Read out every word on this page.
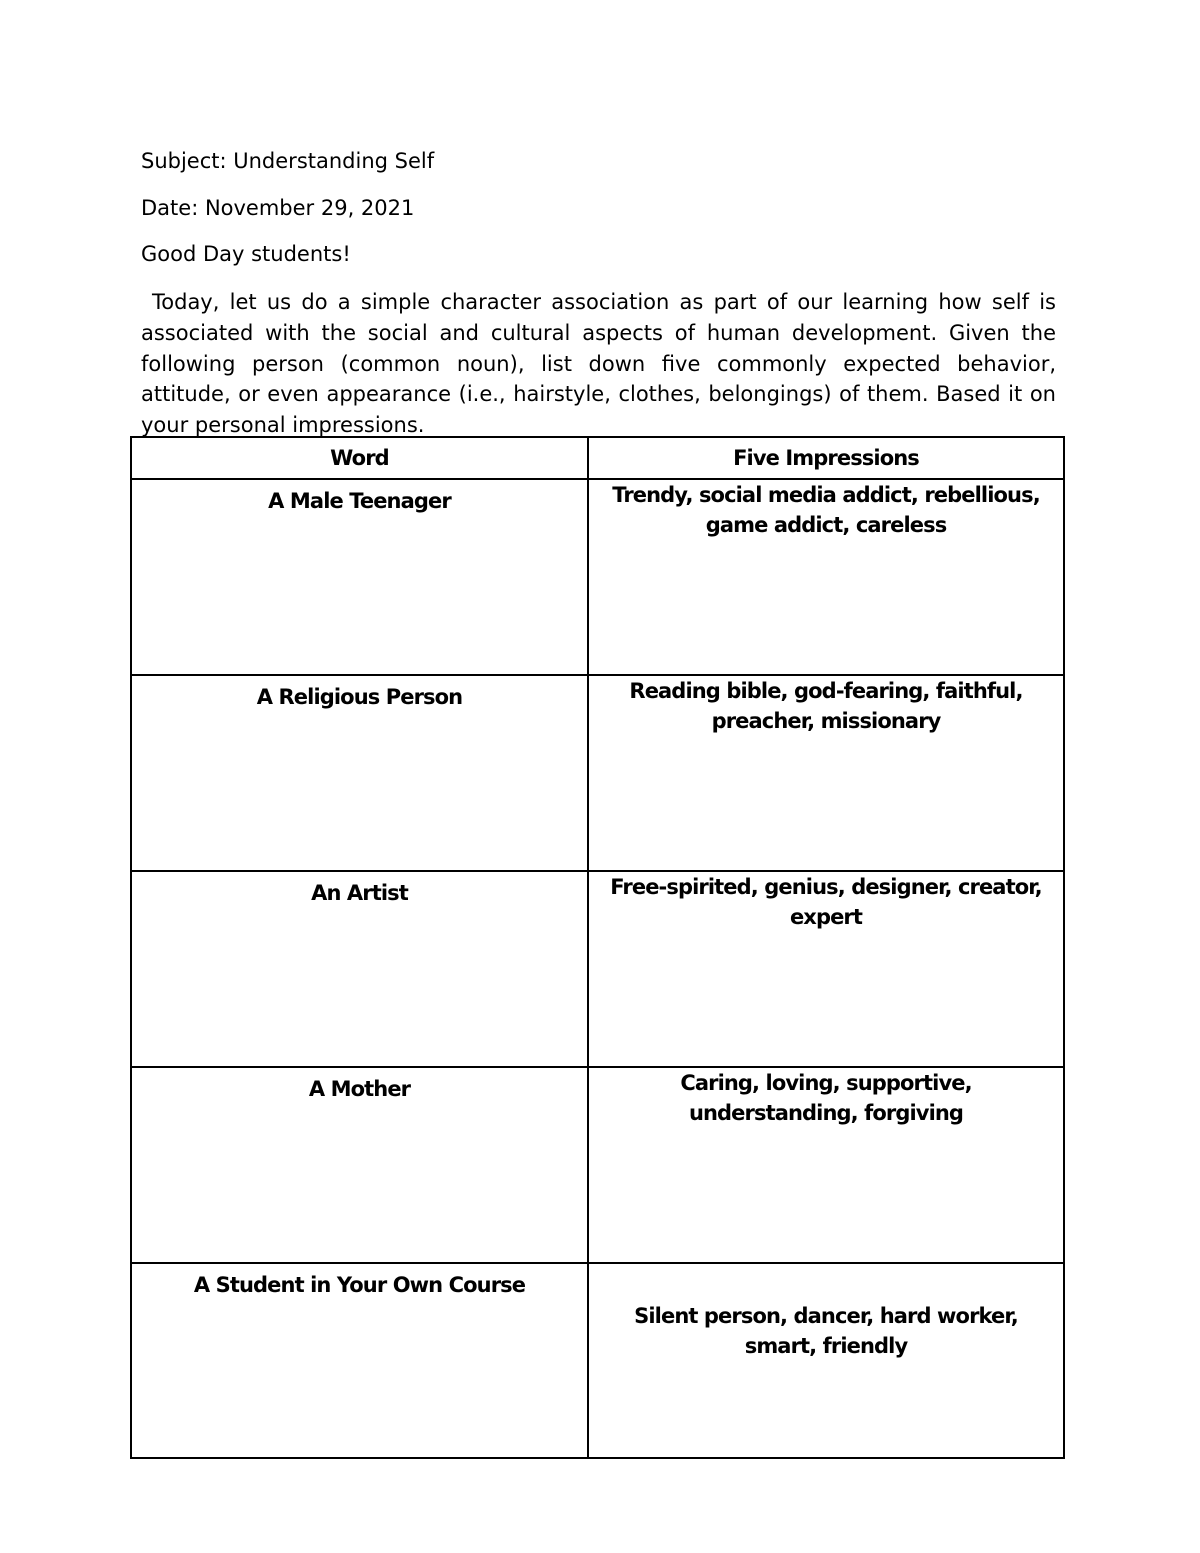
Subject: Understanding Self
Date: November 29, 2021
Good Day students!

Today, let us do a simple character association as part of our learning how self is associated with the social and cultural aspects of human development. Given the following person (common noun), list down five commonly expected behavior, attitude, or even appearance (i.e., hairstyle, clothes, belongings) of them. Based it on your personal impressions.

Word	Five Impressions
A Male Teenager	Trendy, social media addict, rebellious, game addict, careless
A Religious Person	Reading bible, god-fearing, faithful, preacher, missionary
An Artist	Free-spirited, genius, designer, creator, expert
A Mother	Caring, loving, supportive, understanding, forgiving
A Student in Your Own Course	Silent person, dancer, hard worker, smart, friendly
